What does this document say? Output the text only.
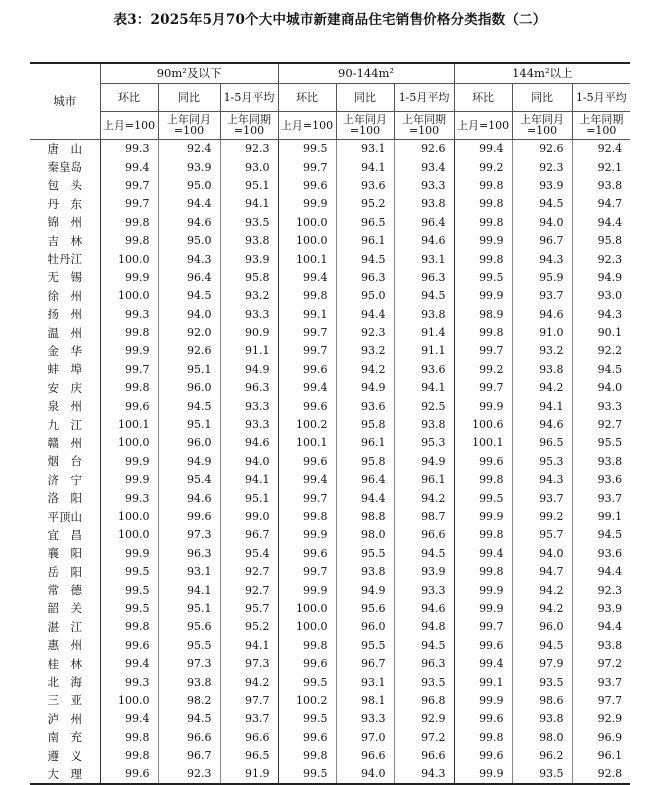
表3：2025年5月70个大中城市新建商品住宅销售价格分类指数（二）
城市	90m²及以下			90-144m²			144m²以上		
	环比	同比	1-5月平均	环比	同比	1-5月平均	环比	同比	1-5月平均
	上月=100	上年同月=100	上年同期=100	上月=100	上年同月=100	上年同期=100	上月=100	上年同月=100	上年同期=100
唐　山	99.3	92.4	92.3	99.5	93.1	92.6	99.4	92.6	92.4
秦皇岛	99.4	93.9	93.0	99.7	94.1	93.4	99.2	92.3	92.1
包　头	99.7	95.0	95.1	99.6	93.6	93.3	99.8	93.9	93.8
丹　东	99.7	94.4	94.1	99.9	95.2	93.8	99.8	94.5	94.7
锦　州	99.8	94.6	93.5	100.0	96.5	96.4	99.8	94.0	94.4
吉　林	99.8	95.0	93.8	100.0	96.1	94.6	99.9	96.7	95.8
牡丹江	100.0	94.3	93.9	100.1	94.5	93.1	99.8	94.3	92.3
无　锡	99.9	96.4	95.8	99.4	96.3	96.3	99.5	95.9	94.9
徐　州	100.0	94.5	93.2	99.8	95.0	94.5	99.9	93.7	93.0
扬　州	99.3	94.0	93.3	99.1	94.4	93.8	98.9	94.6	94.3
温　州	99.8	92.0	90.9	99.7	92.3	91.4	99.8	91.0	90.1
金　华	99.9	92.6	91.1	99.7	93.2	91.1	99.7	93.2	92.2
蚌　埠	99.7	95.1	94.9	99.6	94.2	93.6	99.2	93.8	94.5
安　庆	99.8	96.0	96.3	99.4	94.9	94.1	99.7	94.2	94.0
泉　州	99.6	94.5	93.3	99.6	93.6	92.5	99.9	94.1	93.3
九　江	100.1	95.1	93.3	100.2	95.8	93.8	100.6	94.6	92.7
赣　州	100.0	96.0	94.6	100.1	96.1	95.3	100.1	96.5	95.5
烟　台	99.9	94.9	94.0	99.6	95.8	94.9	99.6	95.3	93.8
济　宁	99.9	95.4	94.1	99.4	96.4	96.1	99.8	94.3	93.6
洛　阳	99.3	94.6	95.1	99.7	94.4	94.2	99.5	93.7	93.7
平顶山	100.0	99.6	99.0	99.8	98.8	98.7	99.9	99.2	99.1
宜　昌	100.0	97.3	96.7	99.9	98.0	96.6	99.8	95.7	94.5
襄　阳	99.9	96.3	95.4	99.6	95.5	94.5	99.4	94.0	93.6
岳　阳	99.5	93.1	92.7	99.7	93.8	93.9	99.8	94.7	94.4
常　德	99.5	94.1	92.7	99.9	94.9	93.3	99.9	94.2	92.3
韶　关	99.5	95.1	95.7	100.0	95.6	94.6	99.9	94.2	93.9
湛　江	99.8	95.6	95.2	100.0	96.0	94.8	99.7	96.0	94.4
惠　州	99.6	95.5	94.1	99.8	95.5	94.5	99.6	94.5	93.8
桂　林	99.4	97.3	97.3	99.6	96.7	96.3	99.4	97.9	97.2
北　海	99.3	93.8	94.2	99.5	93.1	93.5	99.1	93.5	93.7
三　亚	100.0	98.2	97.7	100.2	98.1	96.8	99.9	98.6	97.7
泸　州	99.4	94.5	93.7	99.5	93.3	92.9	99.6	93.8	92.9
南　充	99.8	96.6	96.6	99.6	97.0	97.2	99.8	98.0	96.9
遵　义	99.8	96.7	96.5	99.8	96.6	96.6	99.6	96.2	96.1
大　理	99.6	92.3	91.9	99.5	94.0	94.3	99.9	93.5	92.8
